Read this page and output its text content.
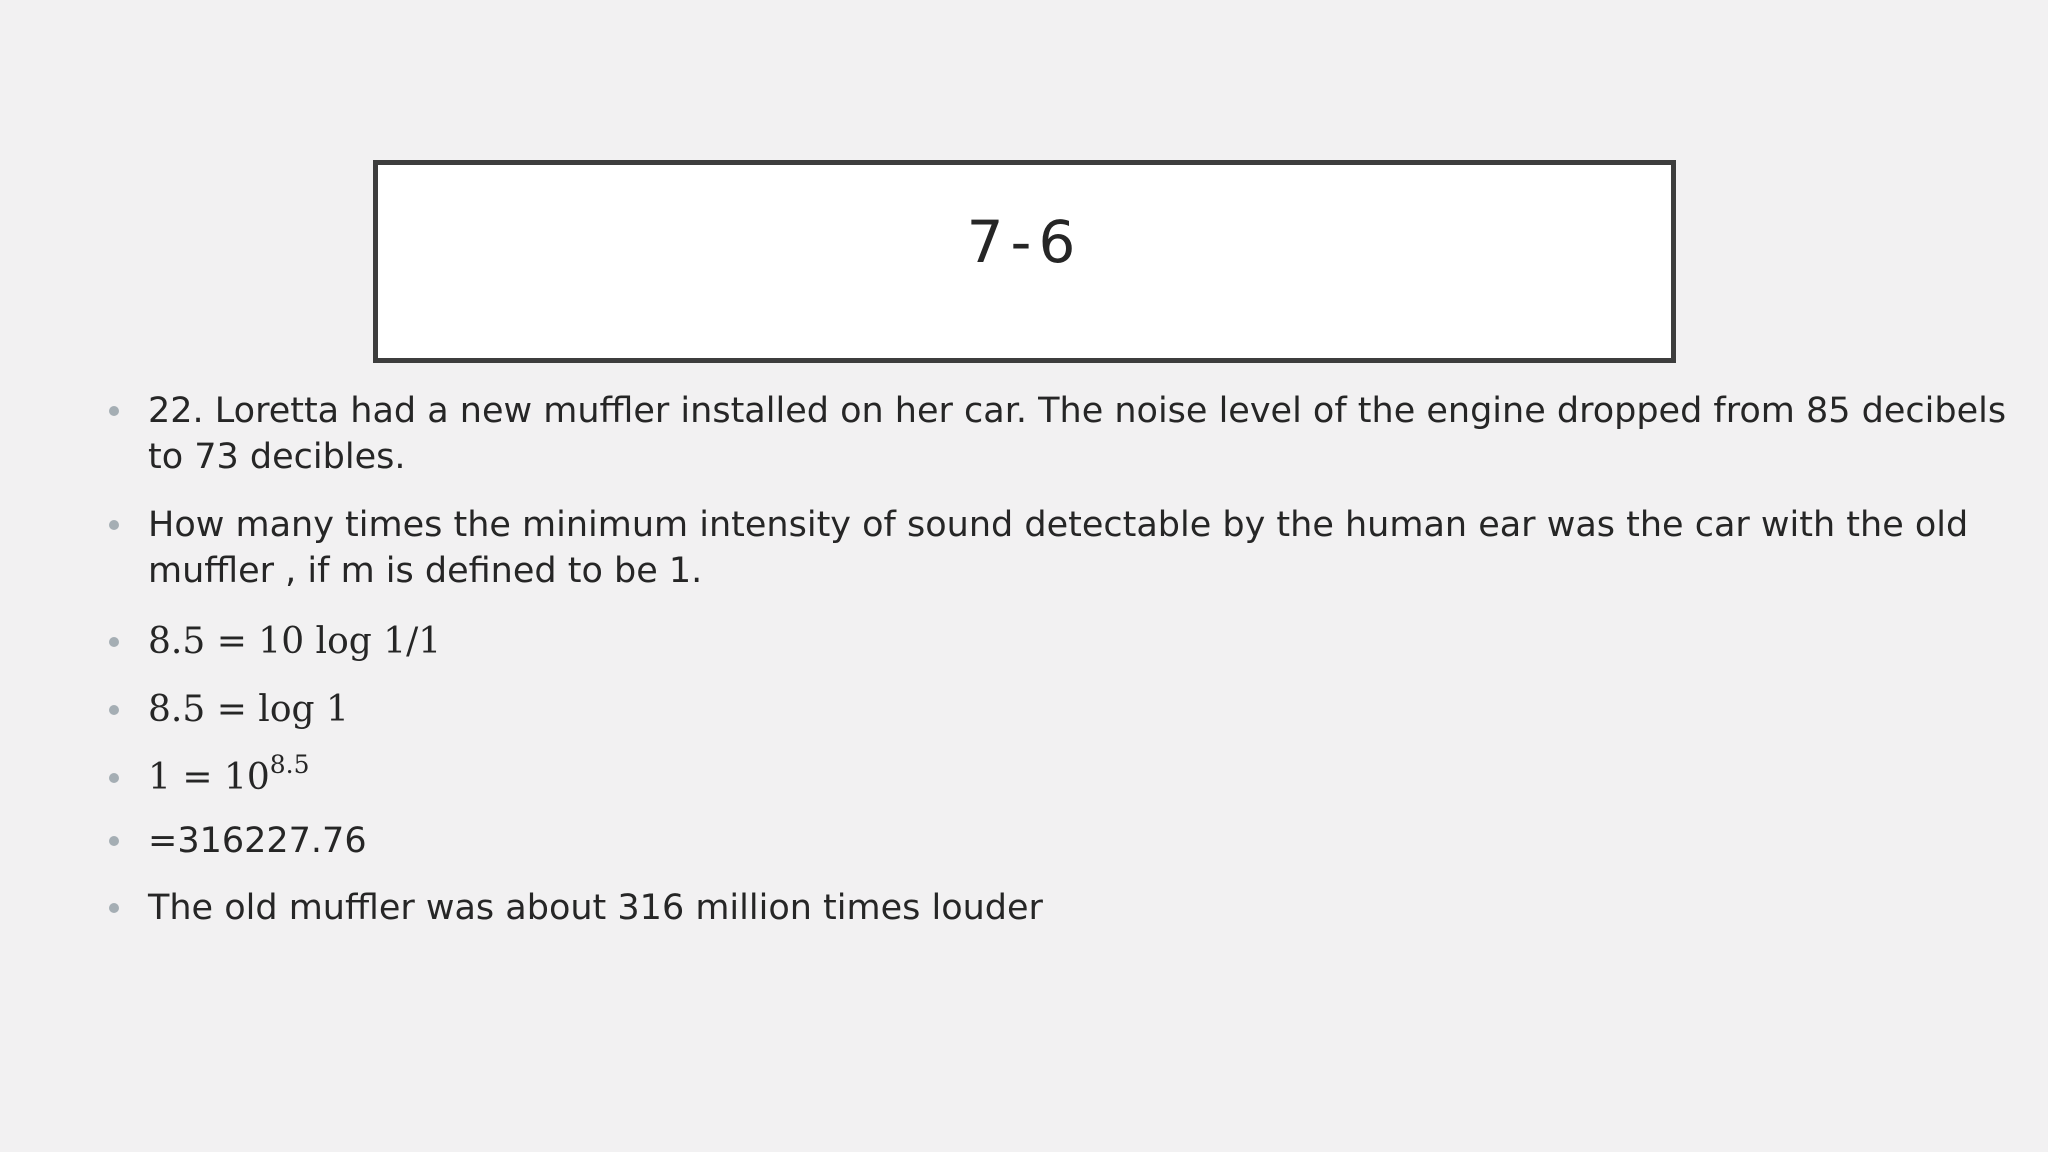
7-6
22. Loretta had a new muffler installed on her car. The noise level of the engine dropped from 85 decibels to 73 decibles.
How many times the minimum intensity of sound detectable by the human ear was the car with the old muffler , if m is defined to be 1.
8.5 = 10 log 1/1
8.5 = log 1
$1 = 10^{8.5}$
=316227.76
The old muffler was about 316 million times louder
